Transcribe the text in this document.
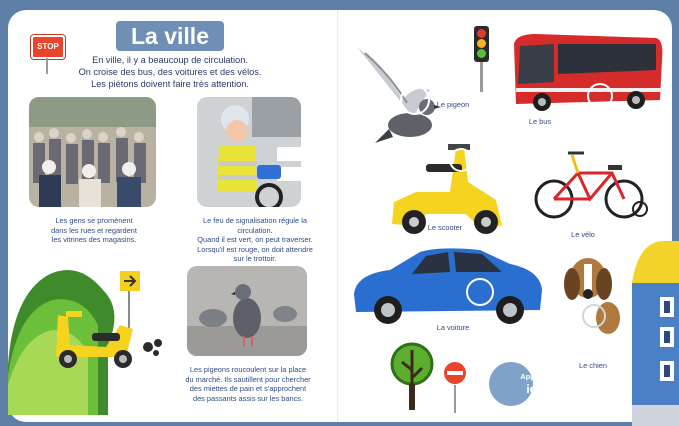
STOP	La ville
En ville, il y a beaucoup de circulation.
On croise des bus, des voitures et des vélos.
Les piétons doivent faire très attention.
Les gens se promènent
dans les rues et regardent
les vitrines des magasins.
Le feu de signalisation régule la circulation.
Quand il est vert, on peut traverser.
Lorsqu'il est rouge, on doit attendre
sur le trottoir.
Les pigeons roucoulent sur la place
du marché. Ils sautillent pour chercher
des miettes de pain et s'approchent
des passants assis sur les bancs.
Le pigeon
Le bus
Le scooter
Le vélo
La voiture
Le chien
Appuie
ici
